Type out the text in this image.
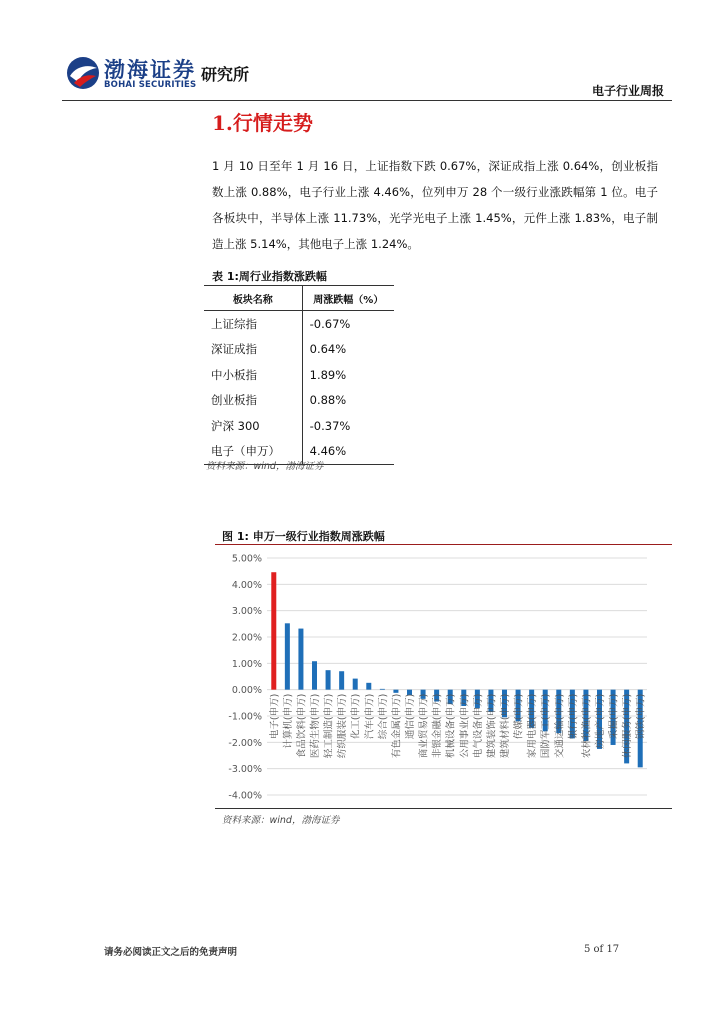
渤海证券
BOHAI SECURITIES
研究所
电子行业周报
1.行情走势
1 月 10 日至年 1 月 16 日，上证指数下跌 0.67%，深证成指上涨 0.64%，创业板指数上涨 0.88%，电子行业上涨 4.46%，位列申万 28 个一级行业涨跌幅第 1 位。电子各板块中，半导体上涨 11.73%，光学光电子上涨 1.45%，元件上涨 1.83%，电子制造上涨 5.14%，其他电子上涨 1.24%。
表 1:周行业指数涨跌幅
板块名称	周涨跌幅（%）
上证综指	-0.67%
深证成指	0.64%
中小板指	1.89%
创业板指	0.88%
沪深 300	-0.37%
电子（申万）	4.46%
资料来源：wind，渤海证券
图 1: 申万一级行业指数周涨跌幅
5.00%
4.00%
3.00%
2.00%
1.00%
0.00%
-1.00%
-2.00%
-3.00%
-4.00%
电子(申万) 计算机(申万) 食品饮料(申万) 医药生物(申万) 轻工制造(申万) 纺织服装(申万) 化工(申万) 汽车(申万) 综合(申万) 有色金属(申万) 通信(申万) 商业贸易(申万) 非银金融(申万) 机械设备(申万) 公用事业(申万) 电气设备(申万) 建筑装饰(申万) 建筑材料(申万) 传媒(申万) 家用电器(申万) 国防军工(申万) 交通运输(申万) 银行(申万) 农林牧渔(申万) 房地产(申万) 采掘(申万) 休闲服务(申万) 钢铁(申万)
资料来源：wind，渤海证券
请务必阅读正文之后的免责声明	5 of 17
